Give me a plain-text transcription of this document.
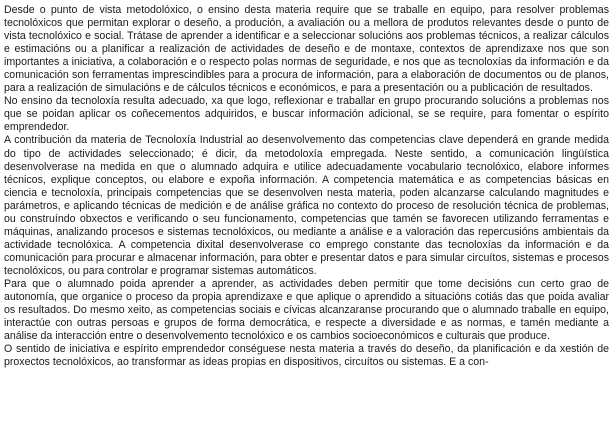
Desde o punto de vista metodolóxico, o ensino desta materia require que se traballe en equipo, para resolver problemas tecnolóxicos que permitan explorar o deseño, a produción, a avaliación ou a mellora de produtos relevantes desde o punto de vista tecnolóxico e social. Trátase de aprender a identificar e a seleccionar solucións aos problemas técnicos, a realizar cálculos e estimacións ou a planificar a realización de actividades de deseño e de montaxe, contextos de aprendizaxe nos que son importantes a iniciativa, a colaboración e o respecto polas normas de seguridade, e nos que as tecnoloxías da información e da comunicación son ferramentas imprescindibles para a procura de información, para a elaboración de documentos ou de planos, para a realización de simulacións e de cálculos técnicos e económicos, e para a presentación ou a publicación de resultados.

No ensino da tecnoloxía resulta adecuado, xa que logo, reflexionar e traballar en grupo procurando solucións a problemas nos que se poidan aplicar os coñecementos adquiridos, e buscar información adicional, se se require, para fomentar o espírito emprendedor.

A contribución da materia de Tecnoloxía Industrial ao desenvolvemento das competencias clave dependerá en grande medida do tipo de actividades seleccionado; é dicir, da metodoloxía empregada. Neste sentido, a comunicación lingüística desenvolverase na medida en que o alumnado adquira e utilice adecuadamente vocabulario tecnolóxico, elabore informes técnicos, explique conceptos, ou elabore e expoña información. A competencia matemática e as competencias básicas en ciencia e tecnoloxía, principais competencias que se desenvolven nesta materia, poden alcanzarse calculando magnitudes e parámetros, e aplicando técnicas de medición e de análise gráfica no contexto do proceso de resolución técnica de problemas, ou construíndo obxectos e verificando o seu funcionamento, competencias que tamén se favorecen utilizando ferramentas e máquinas, analizando procesos e sistemas tecnolóxicos, ou mediante a análise e a valoración das repercusións ambientais da actividade tecnolóxica. A competencia dixital desenvolverase co emprego constante das tecnoloxías da información e da comunicación para procurar e almacenar información, para obter e presentar datos e para simular circuítos, sistemas e procesos tecnolóxicos, ou para controlar e programar sistemas automáticos.

Para que o alumnado poida aprender a aprender, as actividades deben permitir que tome decisións cun certo grao de autonomía, que organice o proceso da propia aprendizaxe e que aplique o aprendido a situacións cotiás das que poida avaliar os resultados. Do mesmo xeito, as competencias sociais e cívicas alcanzaranse procurando que o alumnado traballe en equipo, interactúe con outras persoas e grupos de forma democrática, e respecte a diversidade e as normas, e tamén mediante a análise da interacción entre o desenvolvemento tecnolóxico e os cambios socioeconómicos e culturais que produce.

O sentido de iniciativa e espírito emprendedor conséguese nesta materia a través do deseño, da planificación e da xestión de proxectos tecnolóxicos, ao transformar as ideas propias en dispositivos, circuítos ou sistemas. E a con-
